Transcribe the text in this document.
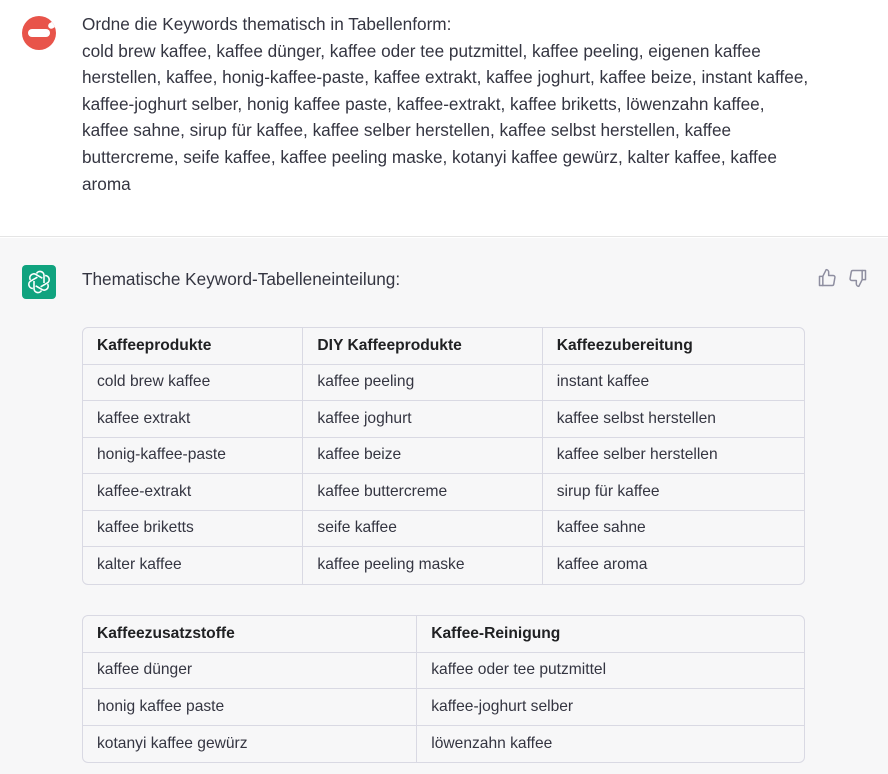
Ordne die Keywords thematisch in Tabellenform:
cold brew kaffee, kaffee dünger, kaffee oder tee putzmittel, kaffee peeling, eigenen kaffee herstellen, kaffee, honig-kaffee-paste, kaffee extrakt, kaffee joghurt, kaffee beize, instant kaffee, kaffee-joghurt selber, honig kaffee paste, kaffee-extrakt, kaffee briketts, löwenzahn kaffee, kaffee sahne, sirup für kaffee, kaffee selber herstellen, kaffee selbst herstellen, kaffee buttercreme, seife kaffee, kaffee peeling maske, kotanyi kaffee gewürz, kalter kaffee, kaffee aroma
Thematische Keyword-Tabelleneinteilung:
Kaffeeprodukte	DIY Kaffeeprodukte	Kaffeezubereitung
cold brew kaffee	kaffee peeling	instant kaffee
kaffee extrakt	kaffee joghurt	kaffee selbst herstellen
honig-kaffee-paste	kaffee beize	kaffee selber herstellen
kaffee-extrakt	kaffee buttercreme	sirup für kaffee
kaffee briketts	seife kaffee	kaffee sahne
kalter kaffee	kaffee peeling maske	kaffee aroma
Kaffeezusatzstoffe	Kaffee-Reinigung
kaffee dünger	kaffee oder tee putzmittel
honig kaffee paste	kaffee-joghurt selber
kotanyi kaffee gewürz	löwenzahn kaffee
